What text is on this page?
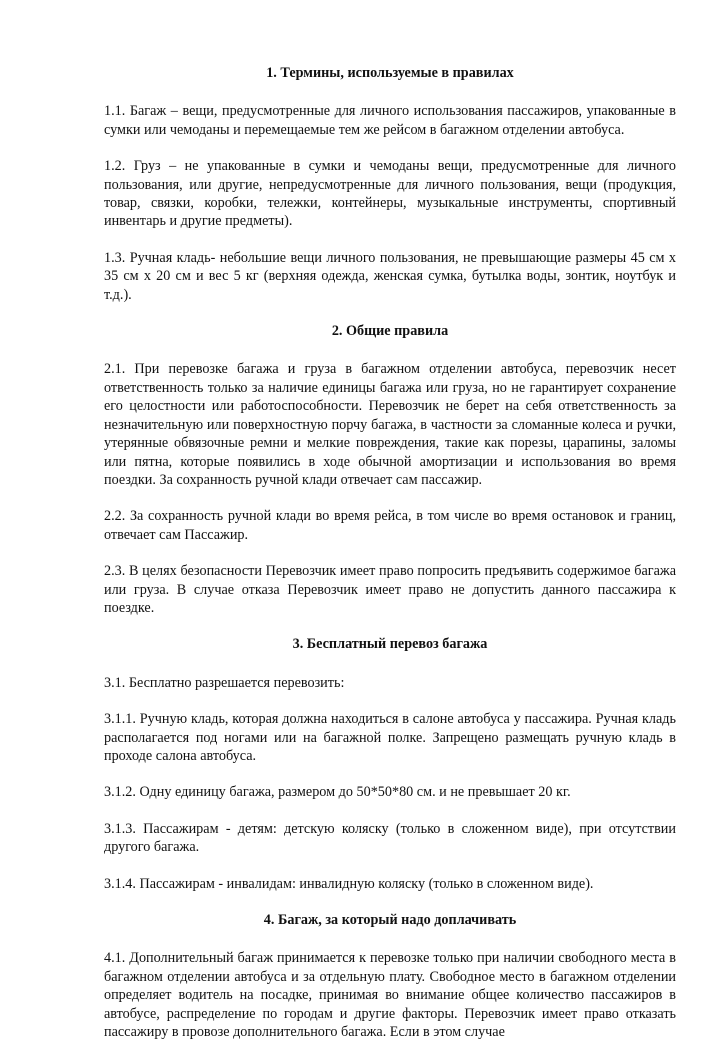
1. Термины, используемые в правилах

1.1. Багаж – вещи, предусмотренные для личного использования пассажиров, упакованные в сумки или чемоданы и перемещаемые тем же рейсом в багажном отделении автобуса.

1.2. Груз – не упакованные в сумки и чемоданы вещи, предусмотренные для личного пользования, или другие, непредусмотренные для личного пользования, вещи (продукция, товар, связки, коробки, тележки, контейнеры, музыкальные инструменты, спортивный инвентарь и другие предметы).

1.3. Ручная кладь- небольшие вещи личного пользования, не превышающие размеры 45 см х 35 см х 20 см и вес 5 кг (верхняя одежда, женская сумка, бутылка воды, зонтик, ноутбук и т.д.).

2. Общие правила

2.1. При перевозке багажа и груза в багажном отделении автобуса, перевозчик несет ответственность только за наличие единицы багажа или груза, но не гарантирует сохранение его целостности или работоспособности. Перевозчик не берет на себя ответственность за незначительную или поверхностную порчу багажа, в частности за сломанные колеса и ручки, утерянные обвязочные ремни и мелкие повреждения, такие как порезы, царапины, заломы или пятна, которые появились в ходе обычной амортизации и использования во время поездки. За сохранность ручной клади отвечает сам пассажир.

2.2. За сохранность ручной клади во время рейса, в том числе во время остановок и границ, отвечает сам Пассажир.

2.3. В целях безопасности Перевозчик имеет право попросить предъявить содержимое багажа или груза. В случае отказа Перевозчик имеет право не допустить данного пассажира к поездке.

3. Бесплатный перевоз багажа

3.1. Бесплатно разрешается перевозить:

3.1.1. Ручную кладь, которая должна находиться в салоне автобуса у пассажира. Ручная кладь располагается под ногами или на багажной полке. Запрещено размещать ручную кладь в проходе салона автобуса.

3.1.2. Одну единицу багажа, размером до 50*50*80 см. и не превышает 20 кг.

3.1.3. Пассажирам - детям: детскую коляску (только в сложенном виде), при отсутствии другого багажа.

3.1.4. Пассажирам - инвалидам: инвалидную коляску (только в сложенном виде).

4. Багаж, за который надо доплачивать

4.1. Дополнительный багаж принимается к перевозке только при наличии свободного места в багажном отделении автобуса и за отдельную плату. Свободное место в багажном отделении определяет водитель на посадке, принимая во внимание общее количество пассажиров в автобусе, распределение по городам и другие факторы. Перевозчик имеет право отказать пассажиру в провозе дополнительного багажа. Если в этом случае
